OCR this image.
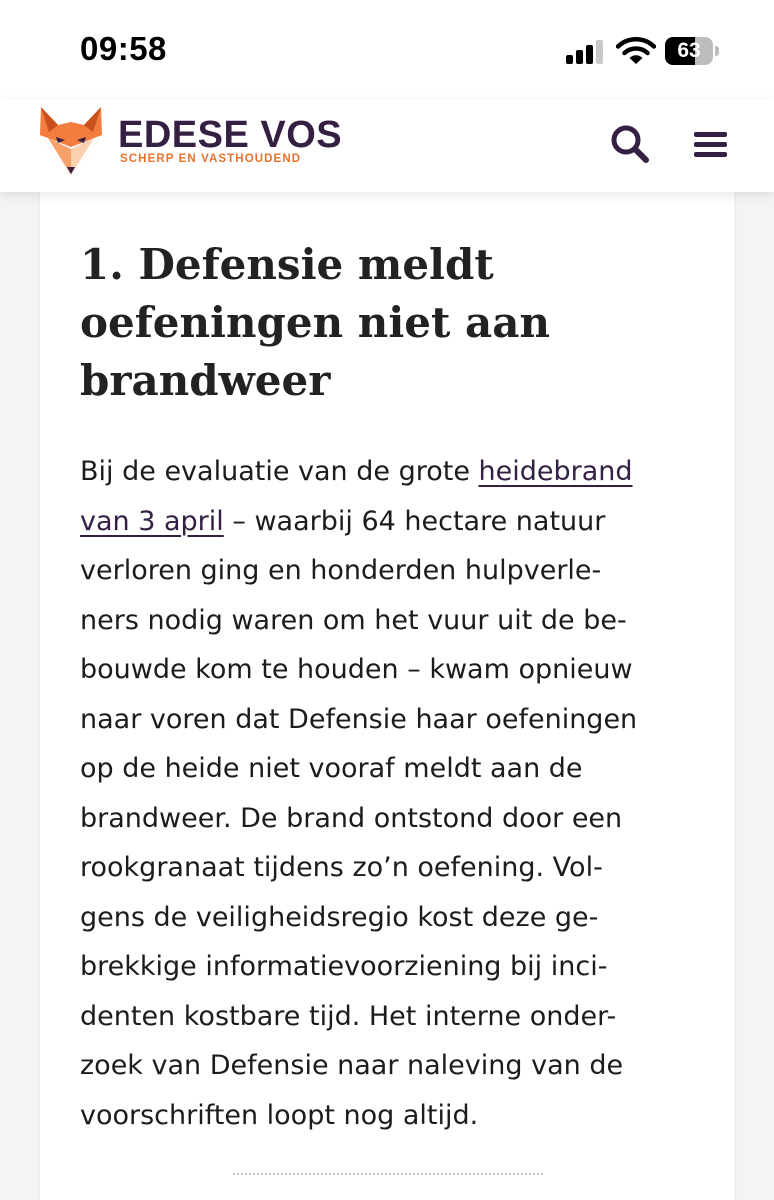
09:58	63
EDESE VOS
SCHERP EN VASTHOUDEND
1. Defensie meldt
oefeningen niet aan
brandweer

Bij de evaluatie van de grote heidebrand

van 3 april – waarbij 64 hectare natuur

verloren ging en honderden hulpverle-

ners nodig waren om het vuur uit de be-

bouwde kom te houden – kwam opnieuw

naar voren dat Defensie haar oefeningen

op de heide niet vooraf meldt aan de

brandweer. De brand ontstond door een

rookgranaat tijdens zo’n oefening. Vol-

gens de veiligheidsregio kost deze ge-

brekkige informatievoorziening bij inci-

denten kostbare tijd. Het interne onder-

zoek van Defensie naar naleving van de

voorschriften loopt nog altijd.
